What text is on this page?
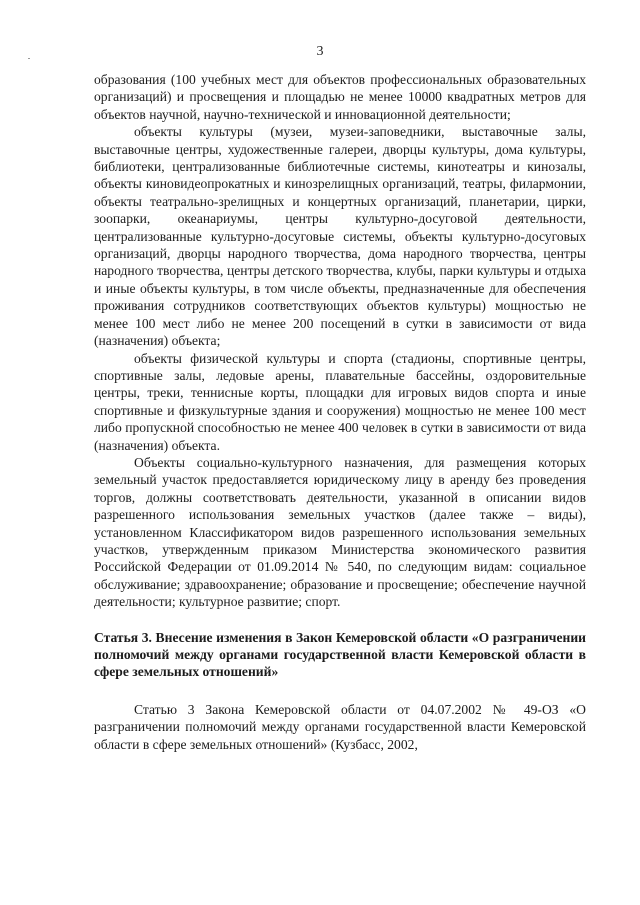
3

образования (100 учебных мест для объектов профессиональных образовательных организаций) и просвещения и площадью не менее 10000 квадратных метров для объектов научной, научно-технической и инновационной деятельности;

объекты культуры (музеи, музеи-заповедники, выставочные залы, выставочные центры, художественные галереи, дворцы культуры, дома культуры, библиотеки, централизованные библиотечные системы, кинотеатры и кинозалы, объекты киновидеопрокатных и кинозрелищных организаций, театры, филармонии, объекты театрально-зрелищных и концертных организаций, планетарии, цирки, зоопарки, океанариумы, центры культурно-досуговой деятельности, централизованные культурно-досуговые системы, объекты культурно-досуговых организаций, дворцы народного творчества, дома народного творчества, центры народного творчества, центры детского творчества, клубы, парки культуры и отдыха и иные объекты культуры, в том числе объекты, предназначенные для обеспечения проживания сотрудников соответствующих объектов культуры) мощностью не менее 100 мест либо не менее 200 посещений в сутки в зависимости от вида (назначения) объекта;

объекты физической культуры и спорта (стадионы, спортивные центры, спортивные залы, ледовые арены, плавательные бассейны, оздоровительные центры, треки, теннисные корты, площадки для игровых видов спорта и иные спортивные и физкультурные здания и сооружения) мощностью не менее 100 мест либо пропускной способностью не менее 400 человек в сутки в зависимости от вида (назначения) объекта.

Объекты социально-культурного назначения, для размещения которых земельный участок предоставляется юридическому лицу в аренду без проведения торгов, должны соответствовать деятельности, указанной в описании видов разрешенного использования земельных участков (далее также – виды), установленном Классификатором видов разрешенного использования земельных участков, утвержденным приказом Министерства экономического развития Российской Федерации от 01.09.2014 № 540, по следующим видам: социальное обслуживание; здравоохранение; образование и просвещение; обеспечение научной деятельности; культурное развитие; спорт.

Статья 3. Внесение изменения в Закон Кемеровской области «О разграничении полномочий между органами государственной власти Кемеровской области в сфере земельных отношений»

Статью 3 Закона Кемеровской области от 04.07.2002 № 49-ОЗ «О разграничении полномочий между органами государственной власти Кемеровской области в сфере земельных отношений» (Кузбасс, 2002,
